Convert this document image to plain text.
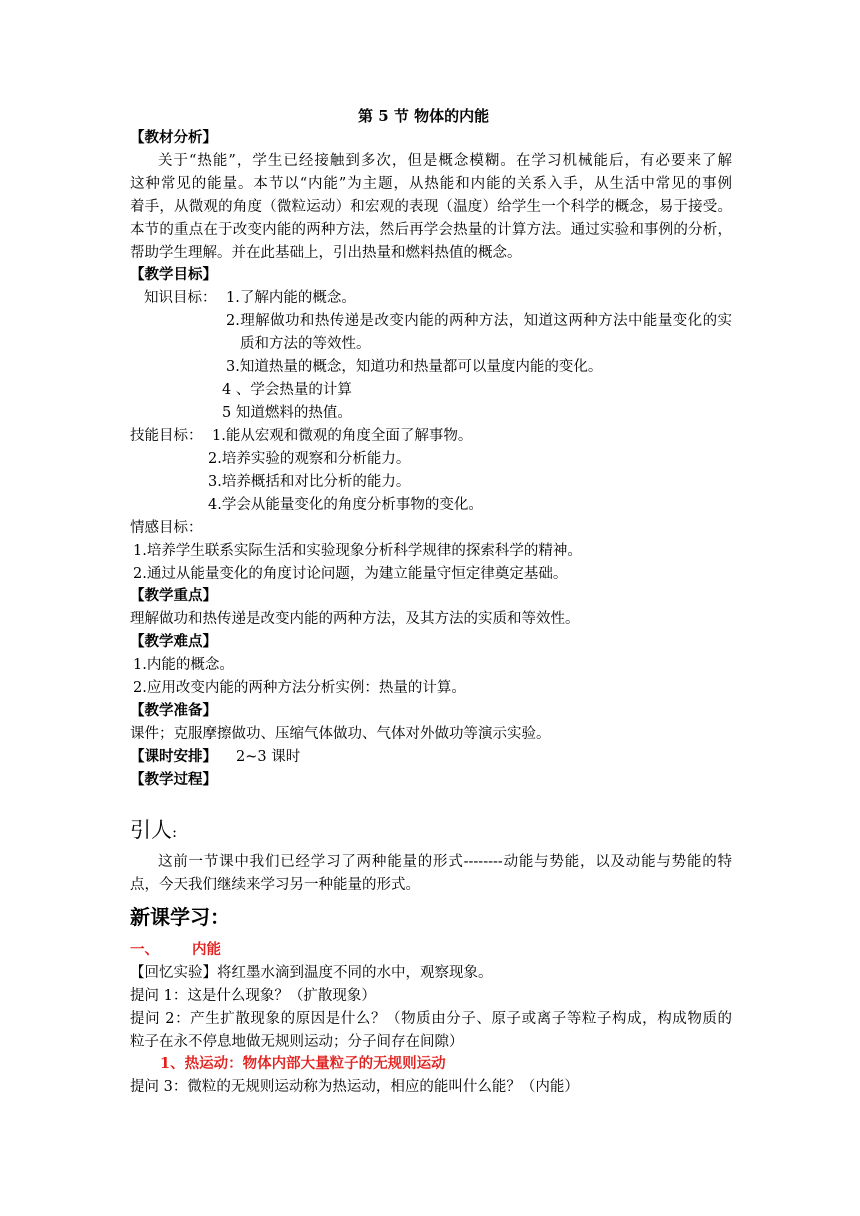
第 5 节 物体的内能
【教材分析】
关于“热能”，学生已经接触到多次，但是概念模糊。在学习机械能后，有必要来了解
这种常见的能量。本节以“内能”为主题，从热能和内能的关系入手，从生活中常见的事例
着手，从微观的角度（微粒运动）和宏观的表现（温度）给学生一个科学的概念，易于接受。
本节的重点在于改变内能的两种方法，然后再学会热量的计算方法。通过实验和事例的分析，
帮助学生理解。并在此基础上，引出热量和燃料热值的概念。
【教学目标】
知识目标： 1.了解内能的概念。
2.理解做功和热传递是改变内能的两种方法，知道这两种方法中能量变化的实
质和方法的等效性。
3.知道热量的概念，知道功和热量都可以量度内能的变化。
4 、学会热量的计算
5 知道燃料的热值。
技能目标： 1.能从宏观和微观的角度全面了解事物。
2.培养实验的观察和分析能力。
3.培养概括和对比分析的能力。
4.学会从能量变化的角度分析事物的变化。
情感目标：
1.培养学生联系实际生活和实验现象分析科学规律的探索科学的精神。
2.通过从能量变化的角度讨论问题，为建立能量守恒定律奠定基础。
【教学重点】
理解做功和热传递是改变内能的两种方法，及其方法的实质和等效性。
【教学难点】
1.内能的概念。
2.应用改变内能的两种方法分析实例：热量的计算。
【教学准备】
课件；克服摩擦做功、压缩气体做功、气体对外做功等演示实验。
【课时安排】 2~3 课时
【教学过程】
引人:
这前一节课中我们已经学习了两种能量的形式--------动能与势能，以及动能与势能的特
点，今天我们继续来学习另一种能量的形式。
新课学习：
一、 内能
【回忆实验】将红墨水滴到温度不同的水中，观察现象。
提问 1：这是什么现象？（扩散现象）
提问 2：产生扩散现象的原因是什么？（物质由分子、原子或离子等粒子构成，构成物质的
粒子在永不停息地做无规则运动；分子间存在间隙）
1、热运动：物体内部大量粒子的无规则运动
提问 3：微粒的无规则运动称为热运动，相应的能叫什么能？（内能）
